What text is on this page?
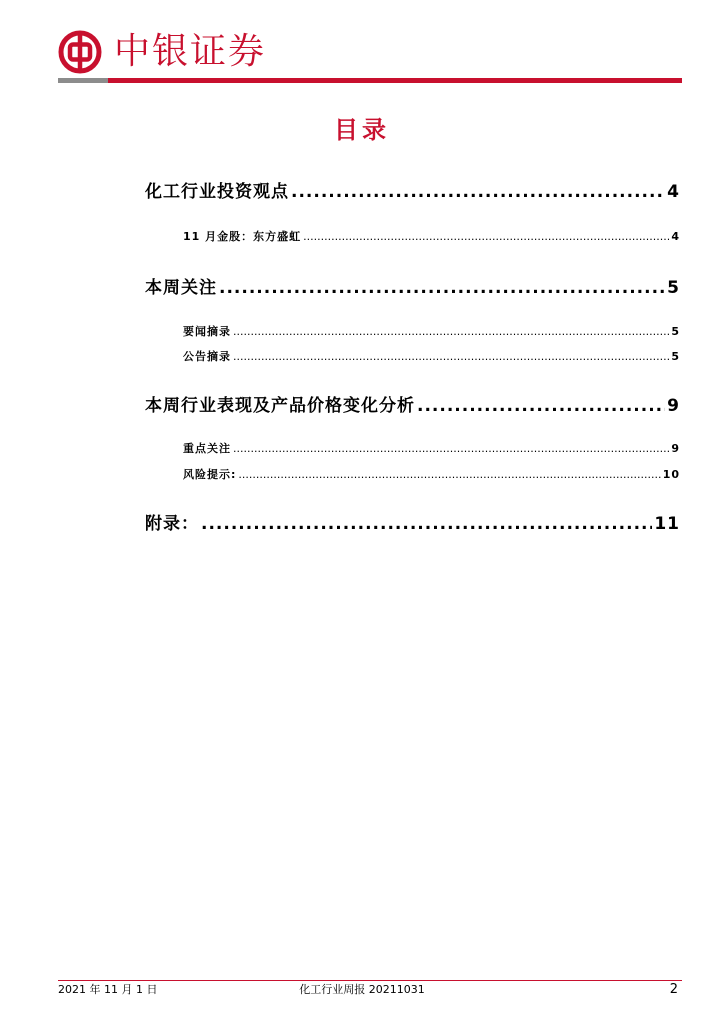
中银证券
目录
化工行业投资观点 .....	4
11 月金股：东方盛虹 .....	4
本周关注 .....	5
要闻摘录 .....	5
公告摘录 .....	5
本周行业表现及产品价格变化分析 .....	9
重点关注 .....	9
风险提示: .....	10
附录： .....	11
2021 年 11 月 1 日	化工行业周报 20211031	2
